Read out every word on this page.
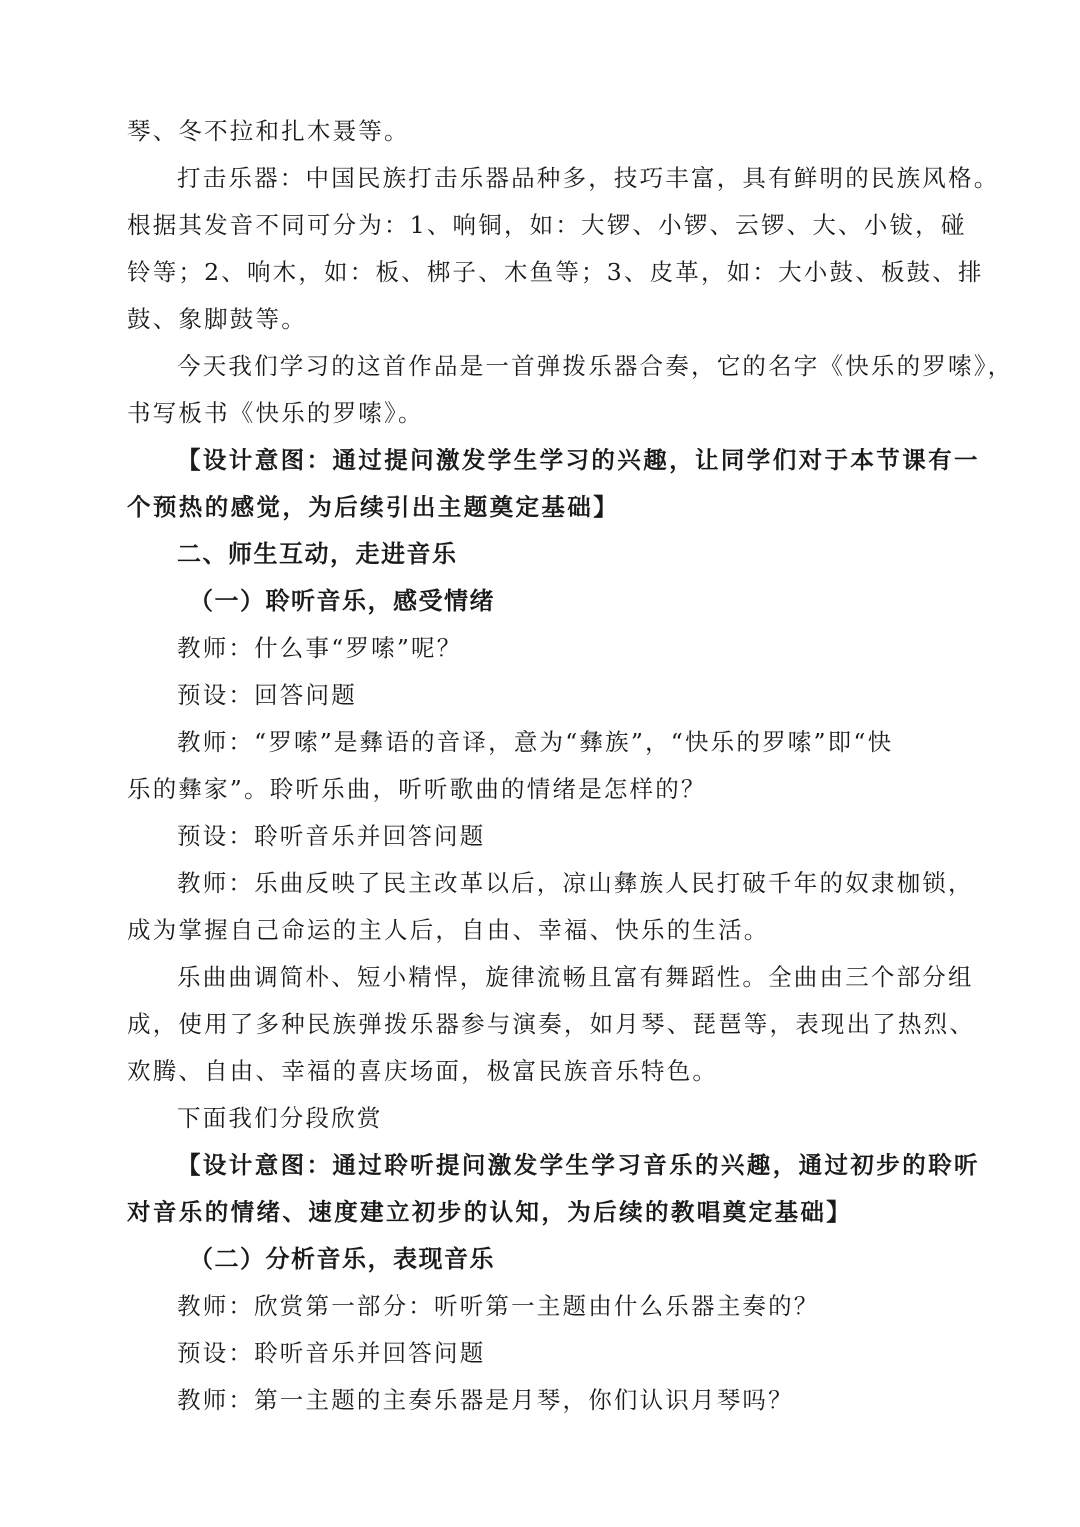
琴、冬不拉和扎木聂等。
打击乐器：中国民族打击乐器品种多，技巧丰富，具有鲜明的民族风格。
根据其发音不同可分为：1、响铜，如：大锣、小锣、云锣、大、小钹，碰
铃等；2、响木，如：板、梆子、木鱼等；3、皮革，如：大小鼓、板鼓、排
鼓、象脚鼓等。
今天我们学习的这首作品是一首弹拨乐器合奏，它的名字《快乐的罗嗦》，
书写板书《快乐的罗嗦》。
【设计意图：通过提问激发学生学习的兴趣，让同学们对于本节课有一
个预热的感觉，为后续引出主题奠定基础】
二、师生互动，走进音乐
（一）聆听音乐，感受情绪
教师：什么事“罗嗦”呢？
预设：回答问题
教师：“罗嗦”是彝语的音译，意为“彝族”，“快乐的罗嗦”即“快
乐的彝家”。聆听乐曲，听听歌曲的情绪是怎样的？
预设：聆听音乐并回答问题
教师：乐曲反映了民主改革以后，凉山彝族人民打破千年的奴隶枷锁，
成为掌握自己命运的主人后，自由、幸福、快乐的生活。
乐曲曲调简朴、短小精悍，旋律流畅且富有舞蹈性。全曲由三个部分组
成，使用了多种民族弹拨乐器参与演奏，如月琴、琵琶等，表现出了热烈、
欢腾、自由、幸福的喜庆场面，极富民族音乐特色。
下面我们分段欣赏
【设计意图：通过聆听提问激发学生学习音乐的兴趣，通过初步的聆听
对音乐的情绪、速度建立初步的认知，为后续的教唱奠定基础】
（二）分析音乐，表现音乐
教师：欣赏第一部分：听听第一主题由什么乐器主奏的？
预设：聆听音乐并回答问题
教师：第一主题的主奏乐器是月琴，你们认识月琴吗？
